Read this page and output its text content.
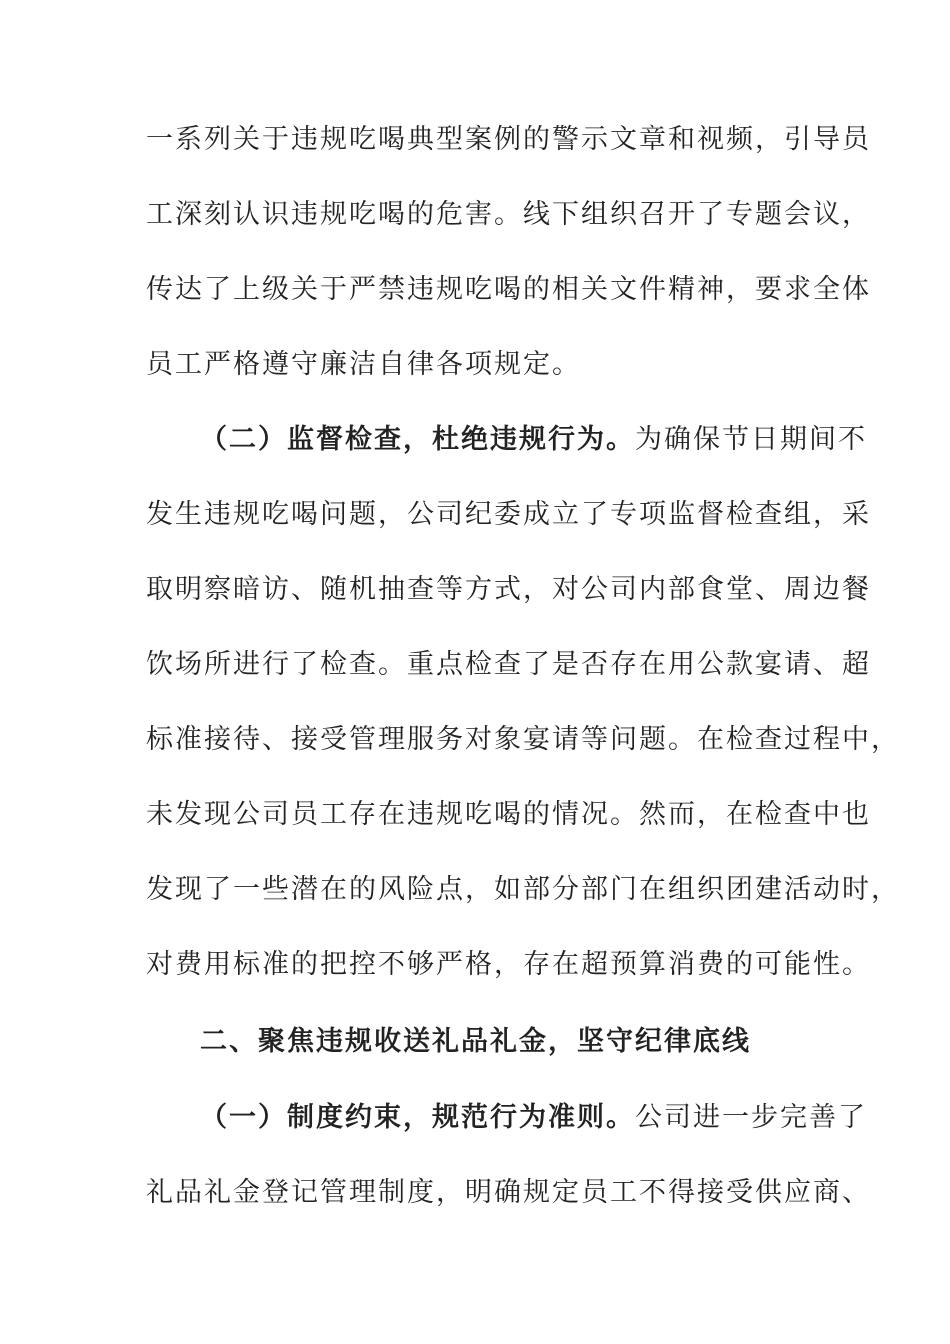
一系列关于违规吃喝典型案例的警示文章和视频，引导员

工深刻认识违规吃喝的危害。线下组织召开了专题会议，

传达了上级关于严禁违规吃喝的相关文件精神，要求全体

员工严格遵守廉洁自律各项规定。

（二）监督检查，杜绝违规行为。为确保节日期间不

发生违规吃喝问题，公司纪委成立了专项监督检查组，采

取明察暗访、随机抽查等方式，对公司内部食堂、周边餐

饮场所进行了检查。重点检查了是否存在用公款宴请、超

标准接待、接受管理服务对象宴请等问题。在检查过程中，

未发现公司员工存在违规吃喝的情况。然而，在检查中也

发现了一些潜在的风险点，如部分部门在组织团建活动时，

对费用标准的把控不够严格，存在超预算消费的可能性。

二、聚焦违规收送礼品礼金，坚守纪律底线

（一）制度约束，规范行为准则。公司进一步完善了

礼品礼金登记管理制度，明确规定员工不得接受供应商、
